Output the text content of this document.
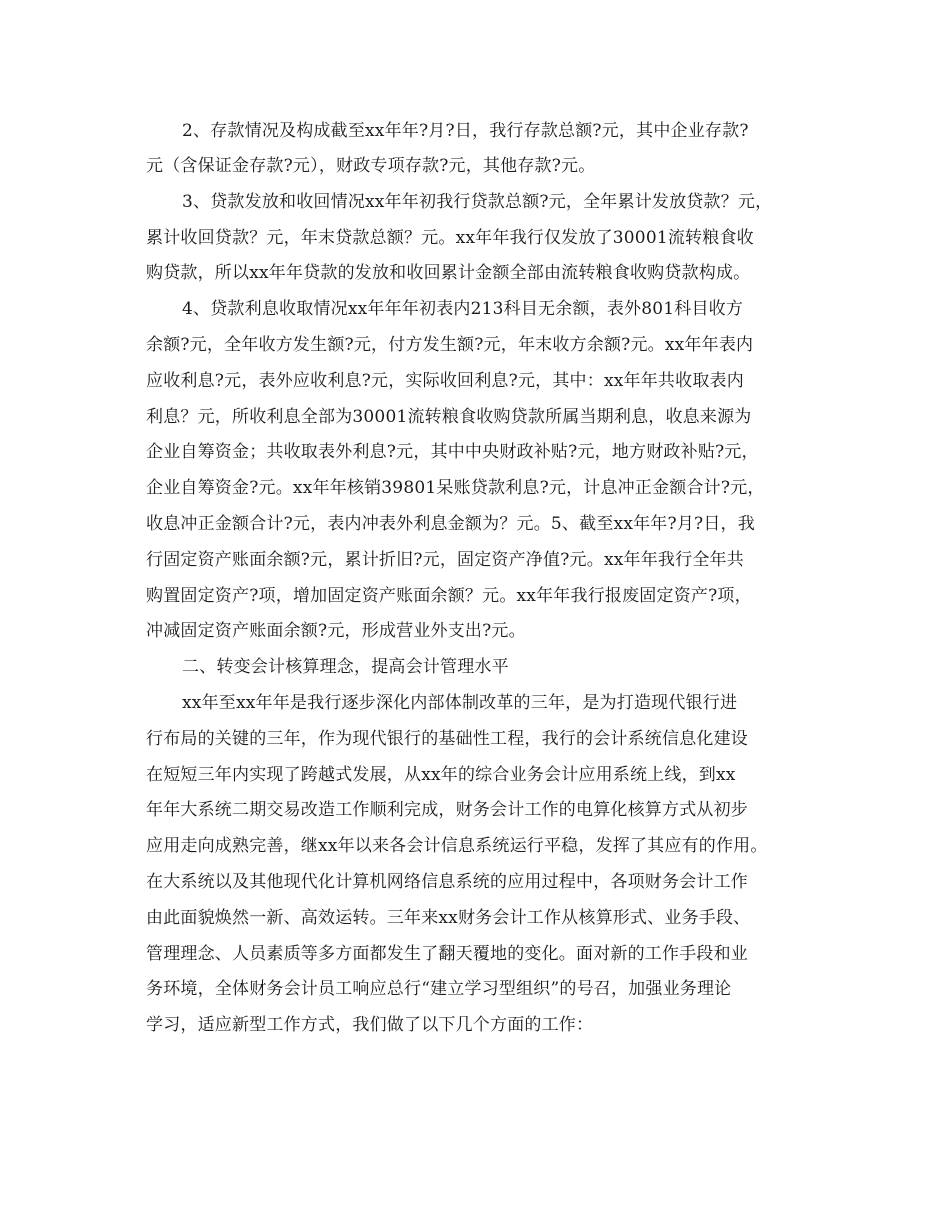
2、存款情况及构成截至xx年年?月?日，我行存款总额?元，其中企业存款?

元（含保证金存款?元），财政专项存款?元，其他存款?元。

3、贷款发放和收回情况xx年年初我行贷款总额?元，全年累计发放贷款？元，

累计收回贷款？元，年末贷款总额？元。xx年年我行仅发放了30001流转粮食收

购贷款，所以xx年年贷款的发放和收回累计金额全部由流转粮食收购贷款构成。

4、贷款利息收取情况xx年年年初表内213科目无余额，表外801科目收方

余额?元，全年收方发生额?元，付方发生额?元，年末收方余额?元。xx年年表内

应收利息?元，表外应收利息?元，实际收回利息?元，其中：xx年年共收取表内

利息？元，所收利息全部为30001流转粮食收购贷款所属当期利息，收息来源为

企业自筹资金；共收取表外利息?元，其中中央财政补贴?元，地方财政补贴?元，

企业自筹资金?元。xx年年核销39801呆账贷款利息?元，计息冲正金额合计?元，

收息冲正金额合计?元，表内冲表外利息金额为？元。5、截至xx年年?月?日，我

行固定资产账面余额?元，累计折旧?元，固定资产净值?元。xx年年我行全年共

购置固定资产?项，增加固定资产账面余额？元。xx年年我行报废固定资产?项，

冲减固定资产账面余额?元，形成营业外支出?元。

二、转变会计核算理念，提高会计管理水平

xx年至xx年年是我行逐步深化内部体制改革的三年，是为打造现代银行进

行布局的关键的三年，作为现代银行的基础性工程，我行的会计系统信息化建设

在短短三年内实现了跨越式发展，从xx年的综合业务会计应用系统上线，到xx

年年大系统二期交易改造工作顺利完成，财务会计工作的电算化核算方式从初步

应用走向成熟完善，继xx年以来各会计信息系统运行平稳，发挥了其应有的作用。

在大系统以及其他现代化计算机网络信息系统的应用过程中，各项财务会计工作

由此面貌焕然一新、高效运转。三年来xx财务会计工作从核算形式、业务手段、

管理理念、人员素质等多方面都发生了翻天覆地的变化。面对新的工作手段和业

务环境，全体财务会计员工响应总行“建立学习型组织”的号召，加强业务理论

学习，适应新型工作方式，我们做了以下几个方面的工作：
